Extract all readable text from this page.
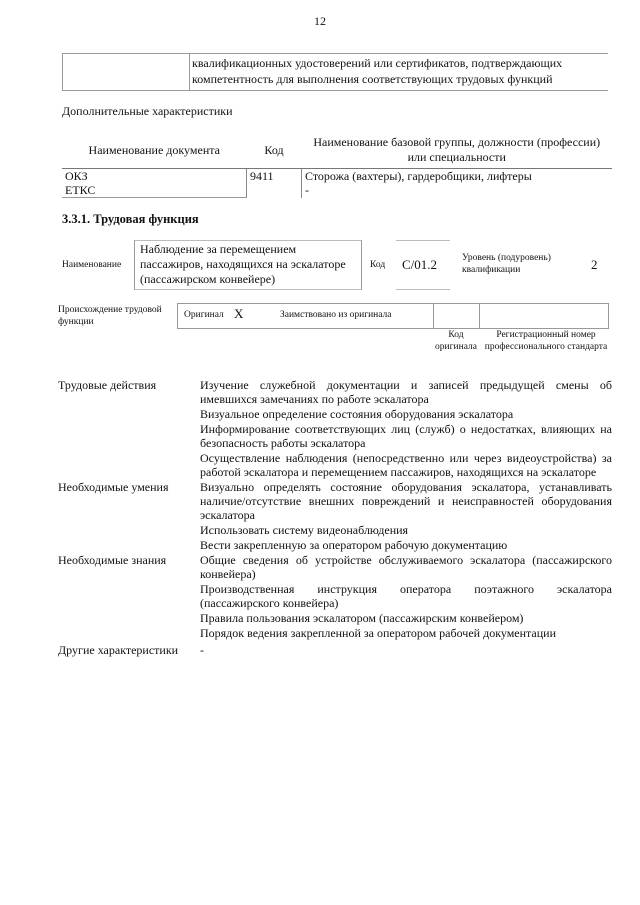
12
квалификационных удостоверений или сертификатов, подтверждающих компетентность для выполнения соответствующих трудовых функций
Дополнительные характеристики
Наименование документа	Код	Наименование базовой группы, должности (профессии) или специальности
ОКЗ	9411	Сторожа (вахтеры), гардеробщики, лифтеры
ЕТКС		-
3.3.1. Трудовая функция
Наименование
Наблюдение за перемещением пассажиров, находящихся на эскалаторе (пассажирском конвейере)
Код C/01.2	Уровень (подуровень) квалификации	2
Происхождение трудовой функции
Оригинал X	Заимствовано из оригинала
Код оригинала
Регистрационный номер профессионального стандарта
Трудовые действия	Изучение служебной документации и записей предыдущей смены об имевшихся замечаниях по работе эскалатора
Визуальное определение состояния оборудования эскалатора
Информирование соответствующих лиц (служб) о недостатках, влияющих на безопасность работы эскалатора
Осуществление наблюдения (непосредственно или через видеоустройства) за работой эскалатора и перемещением пассажиров, находящихся на эскалаторе

Необходимые умения	Визуально определять состояние оборудования эскалатора, устанавливать наличие/отсутствие внешних повреждений и неисправностей оборудования эскалатора
Использовать систему видеонаблюдения
Вести закрепленную за оператором рабочую документацию

Необходимые знания	Общие сведения об устройстве обслуживаемого эскалатора (пассажирского конвейера)
Производственная инструкция оператора поэтажного эскалатора (пассажирского конвейера)
Правила пользования эскалатором (пассажирским конвейером)
Порядок ведения закрепленной за оператором рабочей документации

Другие характеристики	-
